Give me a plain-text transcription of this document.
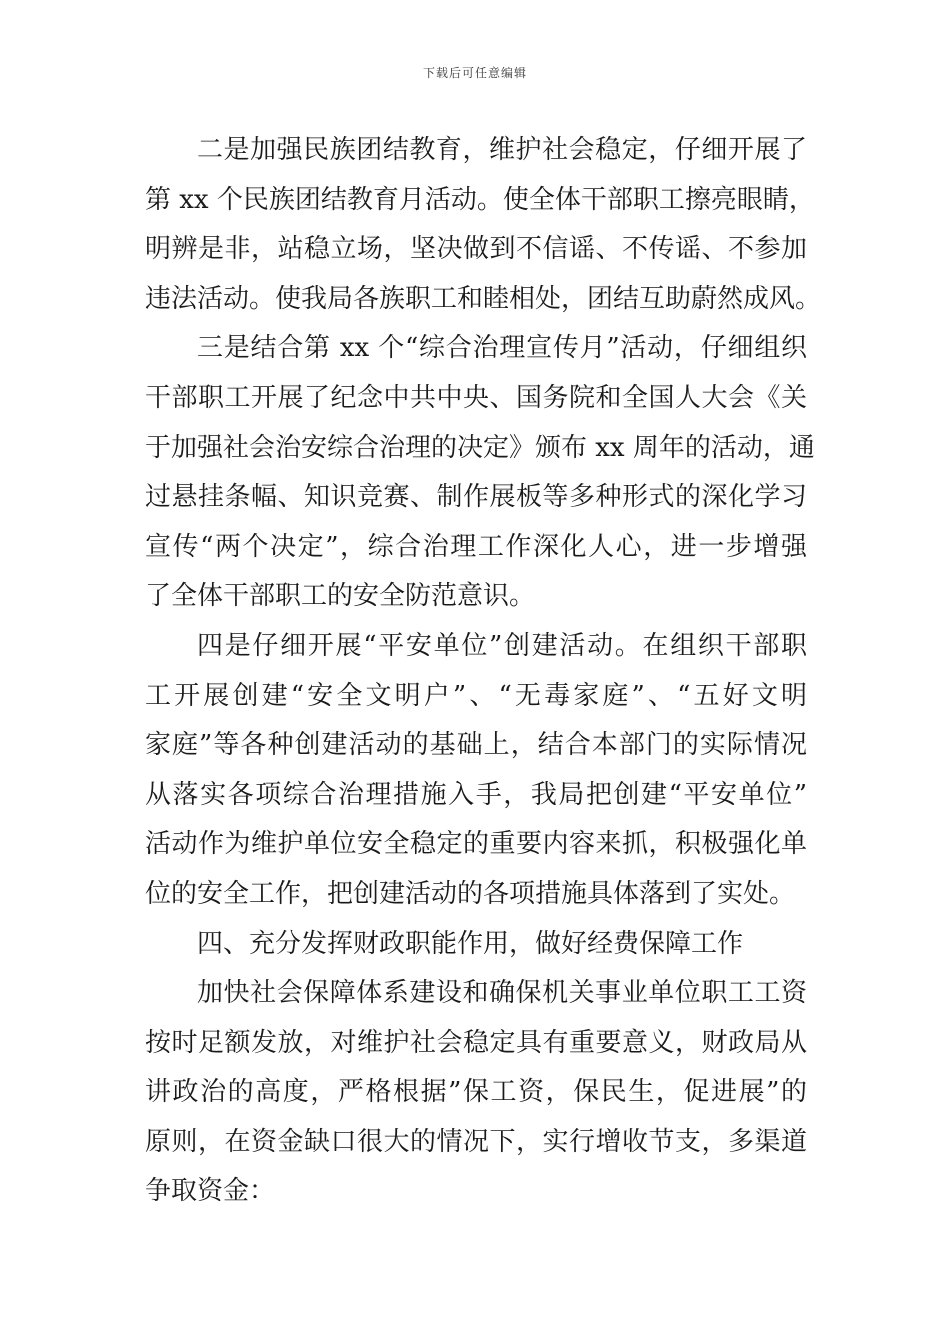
下载后可任意编辑

二是加强民族团结教育，维护社会稳定，仔细开展了
第 xx 个民族团结教育月活动。使全体干部职工擦亮眼睛，
明辨是非，站稳立场，坚决做到不信谣、不传谣、不参加
违法活动。使我局各族职工和睦相处，团结互助蔚然成风。

三是结合第 xx 个“综合治理宣传月”活动，仔细组织
干部职工开展了纪念中共中央、国务院和全国人大会《关
于加强社会治安综合治理的决定》颁布 xx 周年的活动，通
过悬挂条幅、知识竞赛、制作展板等多种形式的深化学习
宣传“两个决定”，综合治理工作深化人心，进一步增强
了全体干部职工的安全防范意识。

四是仔细开展“平安单位”创建活动。在组织干部职
工开展创建“安全文明户”、“无毒家庭”、“五好文明
家庭”等各种创建活动的基础上，结合本部门的实际情况
从落实各项综合治理措施入手，我局把创建“平安单位”
活动作为维护单位安全稳定的重要内容来抓，积极强化单
位的安全工作，把创建活动的各项措施具体落到了实处。

四、充分发挥财政职能作用，做好经费保障工作

加快社会保障体系建设和确保机关事业单位职工工资
按时足额发放，对维护社会稳定具有重要意义，财政局从
讲政治的高度，严格根据”保工资，保民生，促进展”的
原则，在资金缺口很大的情况下，实行增收节支，多渠道
争取资金：
